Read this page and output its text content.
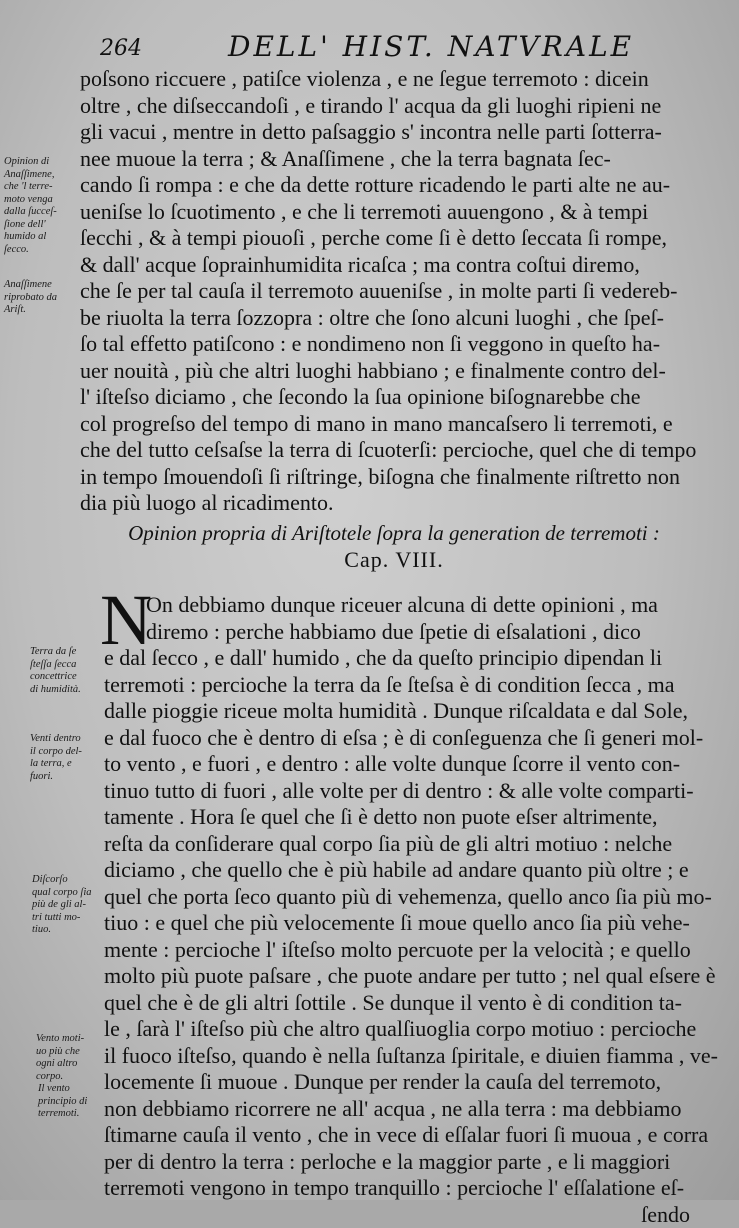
264	DELL' HIST. NATVRALE
poſsono riccuere , patiſce violenza , e ne ſegue terremoto : dicein
oltre , che diſseccandoſi , e tirando l' acqua da gli luoghi ripieni ne
gli vacui , mentre in detto paſsaggio s' incontra nelle parti ſotterra-
nee muoue la terra ; & Anaſſimene , che la terra bagnata ſec-
cando ſi rompa : e che da dette rotture ricadendo le parti alte ne au-
ueniſse lo ſcuotimento , e che li terremoti auuengono , & à tempi
ſecchi , & à tempi piouoſi , perche come ſi è detto ſeccata ſi rompe,
& dall' acque ſoprainhumidita ricaſca ; ma contra coſtui diremo,
che ſe per tal cauſa il terremoto auueniſse , in molte parti ſi vedereb-
be riuolta la terra ſozzopra : oltre che ſono alcuni luoghi , che ſpeſ-
ſo tal effetto patiſcono : e nondimeno non ſi veggono in queſto ha-
uer nouità , più che altri luoghi habbiano ; e finalmente contro del-
l' iſteſso diciamo , che ſecondo la ſua opinione biſognarebbe che
col progreſso del tempo di mano in mano mancaſsero li terremoti, e
che del tutto ceſsaſse la terra di ſcuoterſi: percioche, quel che di tempo
in tempo ſmouendoſi ſi riſtringe, biſogna che finalmente riſtretto non
dia più luogo al ricadimento.
Opinion propria di Ariſtotele ſopra la generation de terremoti :
Cap. VIII.
N
On debbiamo dunque riceuer alcuna di dette opinioni , ma
diremo : perche habbiamo due ſpetie di eſsalationi , dico
e dal ſecco , e dall' humido , che da queſto principio dipendan li
terremoti : percioche la terra da ſe ſteſsa è di condition ſecca , ma
dalle pioggie riceue molta humidità . Dunque riſcaldata e dal Sole,
e dal fuoco che è dentro di eſsa ; è di conſeguenza che ſi generi mol-
to vento , e fuori , e dentro : alle volte dunque ſcorre il vento con-
tinuo tutto di fuori , alle volte per di dentro : & alle volte comparti-
tamente . Hora ſe quel che ſi è detto non puote eſser altrimente,
reſta da conſiderare qual corpo ſia più de gli altri motiuo : nelche
diciamo , che quello che è più habile ad andare quanto più oltre ; e
quel che porta ſeco quanto più di vehemenza, quello anco ſia più mo-
tiuo : e quel che più velocemente ſi moue quello anco ſia più vehe-
mente : percioche l' iſteſso molto percuote per la velocità ; e quello
molto più puote paſsare , che puote andare per tutto ; nel qual eſsere è
quel che è de gli altri ſottile . Se dunque il vento è di condition ta-
le , ſarà l' iſteſso più che altro qualſiuoglia corpo motiuo : percioche
il fuoco iſteſso, quando è nella ſuſtanza ſpiritale, e diuien fiamma , ve-
locemente ſi muoue . Dunque per render la cauſa del terremoto,
non debbiamo ricorrere ne all' acqua , ne alla terra : ma debbiamo
ſtimarne cauſa il vento , che in vece di eſſalar fuori ſi muoua , e corra
per di dentro la terra : perloche e la maggior parte , e li maggiori
terremoti vengono in tempo tranquillo : percioche l' eſſalatione eſ-
ſendo
Opinion di
Anaſſimene,
che 'l terre-
moto venga
dalla ſucceſ-
ſione dell'
humido al
ſecco.
Anaſſimene
riprobato da
Ariſt.
Terra da ſe
ſteſſa ſecca
concettrice
di humidità.
Venti dentro
il corpo del-
la terra, e
fuori.
Diſcorſo
qual corpo ſia
più de gli al-
tri tutti mo-
tiuo.
Vento moti-
uo più che
ogni altro
corpo.
Il vento
principio di
terremoti.
